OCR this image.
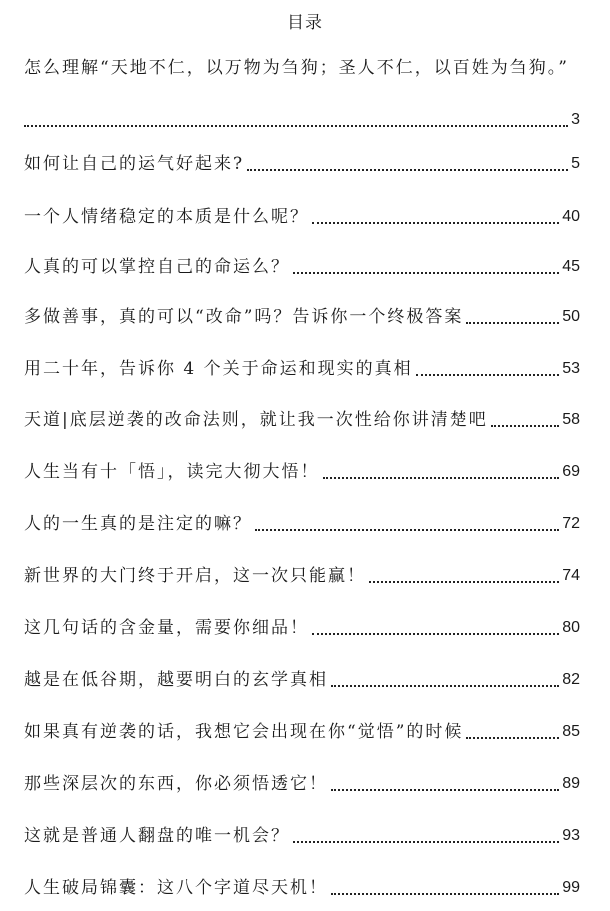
目录
怎么理解“天地不仁，以万物为刍狗；圣人不仁，以百姓为刍狗。”
3
如何让自己的运气好起来?	5
一个人情绪稳定的本质是什么呢？	40
人真的可以掌控自己的命运么？	45
多做善事，真的可以“改命”吗？告诉你一个终极答案	50
用二十年，告诉你 4 个关于命运和现实的真相	53
天道|底层逆袭的改命法则，就让我一次性给你讲清楚吧	58
人生当有十「悟」，读完大彻大悟！	69
人的一生真的是注定的嘛？	72
新世界的大门终于开启，这一次只能赢！	74
这几句话的含金量，需要你细品！	80
越是在低谷期，越要明白的玄学真相	82
如果真有逆袭的话，我想它会出现在你“觉悟”的时候	85
那些深层次的东西，你必须悟透它！	89
这就是普通人翻盘的唯一机会？	93
人生破局锦囊：这八个字道尽天机！	99
